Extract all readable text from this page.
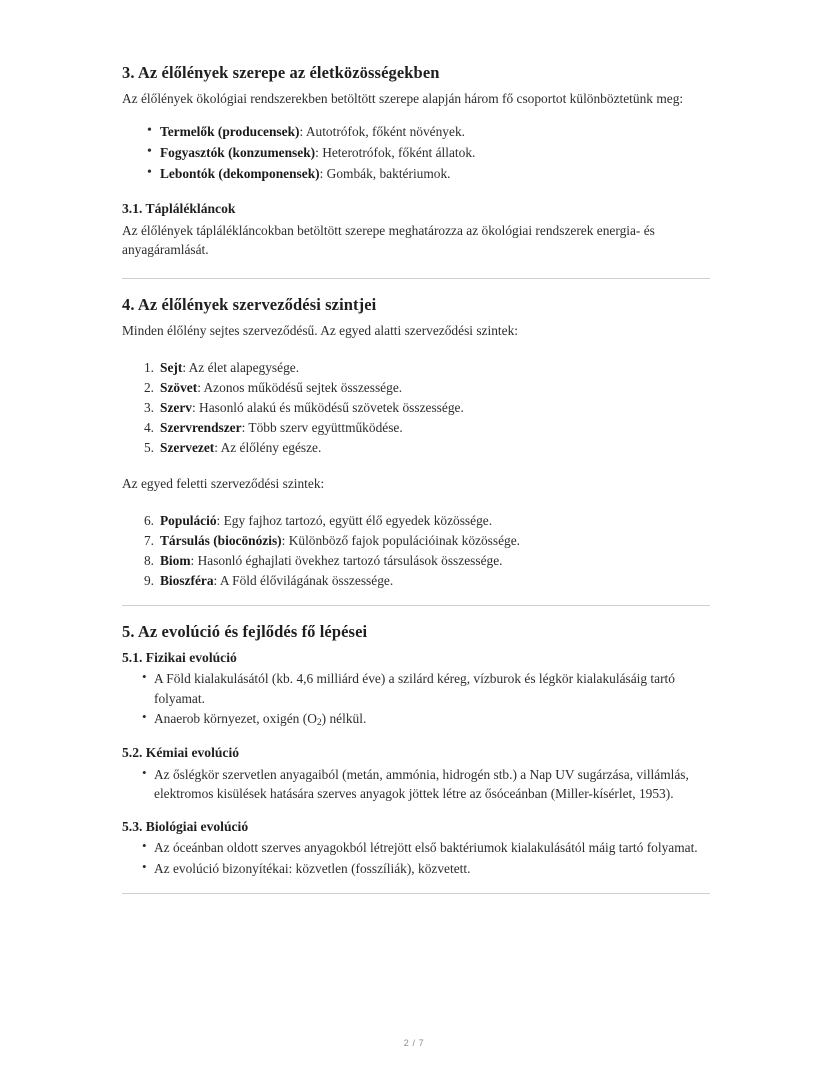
3. Az élőlények szerepe az életközösségekben

Az élőlények ökológiai rendszerekben betöltött szerepe alapján három fő csoportot különböztetünk meg:

• Termelők (producensek): Autotrófok, főként növények.
• Fogyasztók (konzumensek): Heterotrófok, főként állatok.
• Lebontók (dekomponensek): Gombák, baktériumok.
3.1. Táplálékláncok

Az élőlények táplálékláncokban betöltött szerepe meghatározza az ökológiai rendszerek energia- és anyagáramlását.

4. Az élőlények szerveződési szintjei

Minden élőlény sejtes szerveződésű. Az egyed alatti szerveződési szintek:

1. Sejt: Az élet alapegysége.
2. Szövet: Azonos működésű sejtek összessége.
3. Szerv: Hasonló alakú és működésű szövetek összessége.
4. Szervrendszer: Több szerv együttműködése.
5. Szervezet: Az élőlény egésze.

Az egyed feletti szerveződési szintek:

6. Populáció: Egy fajhoz tartozó, együtt élő egyedek közössége.
7. Társulás (biocönózis): Különböző fajok populációinak közössége.
8. Biom: Hasonló éghajlati övekhez tartozó társulások összessége.
9. Bioszféra: A Föld élővilágának összessége.
5. Az evolúció és fejlődés fő lépései
5.1. Fizikai evolúció
• A Föld kialakulásától (kb. 4,6 milliárd éve) a szilárd kéreg, vízburok és légkör kialakulásáig tartó folyamat.
• Anaerob környezet, oxigén $(O_2)$ nélkül.
5.2. Kémiai evolúció
• Az őslégkör szervetlen anyagaiból (metán, ammónia, hidrogén stb.) a Nap UV sugárzása, villámlás, elektromos kisülések hatására szerves anyagok jöttek létre az ősóceánban (Miller-kísérlet, 1953).
5.3. Biológiai evolúció
• Az óceánban oldott szerves anyagokból létrejött első baktériumok kialakulásától máig tartó folyamat.
• Az evolúció bizonyítékai: közvetlen (fosszíliák), közvetett.
2 / 7
